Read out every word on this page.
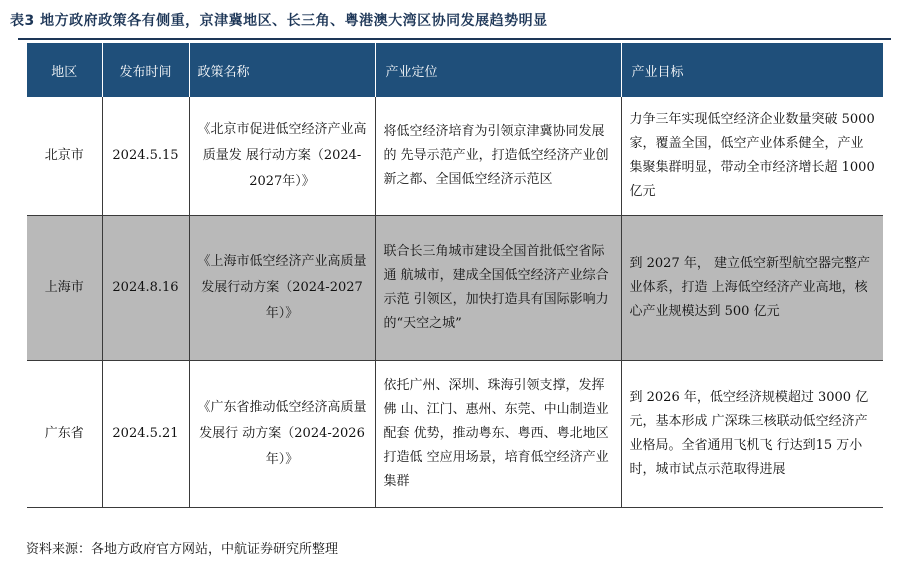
表3 地方政府政策各有侧重，京津冀地区、长三角、粤港澳大湾区协同发展趋势明显
地区	发布时间	政策名称	产业定位	产业目标
北京市	2024.5.15	《北京市促进低空经济产业高质量发 展行动方案（2024-2027年）》	将低空经济培育为引领京津冀协同发展的 先导示范产业，打造低空经济产业创新之都、全国低空经济示范区	力争三年实现低空经济企业数量突破 5000 家，覆盖全国，低空产业体系健全，产业集聚集群明显，带动全市经济增长超 1000 亿元
上海市	2024.8.16	《上海市低空经济产业高质量发展行动方案（2024-2027年）》	联合长三角城市建设全国首批低空省际通 航城市，建成全国低空经济产业综合示范 引领区，加快打造具有国际影响力的“天空之城”	到 2027 年， 建立低空新型航空器完整产业体系，打造 上海低空经济产业高地，核心产业规模达到 500 亿元
广东省	2024.5.21	《广东省推动低空经济高质量发展行 动方案（2024-2026年）》	依托广州、深圳、珠海引领支撑，发挥佛 山、江门、惠州、东莞、中山制造业配套 优势，推动粤东、粤西、粤北地区打造低 空应用场景，培育低空经济产业集群	到 2026 年，低空经济规模超过 3000 亿元，基本形成 广深珠三核联动低空经济产业格局。全省通用飞机飞 行达到15 万小时，城市试点示范取得进展
资料来源：各地方政府官方网站，中航证券研究所整理
